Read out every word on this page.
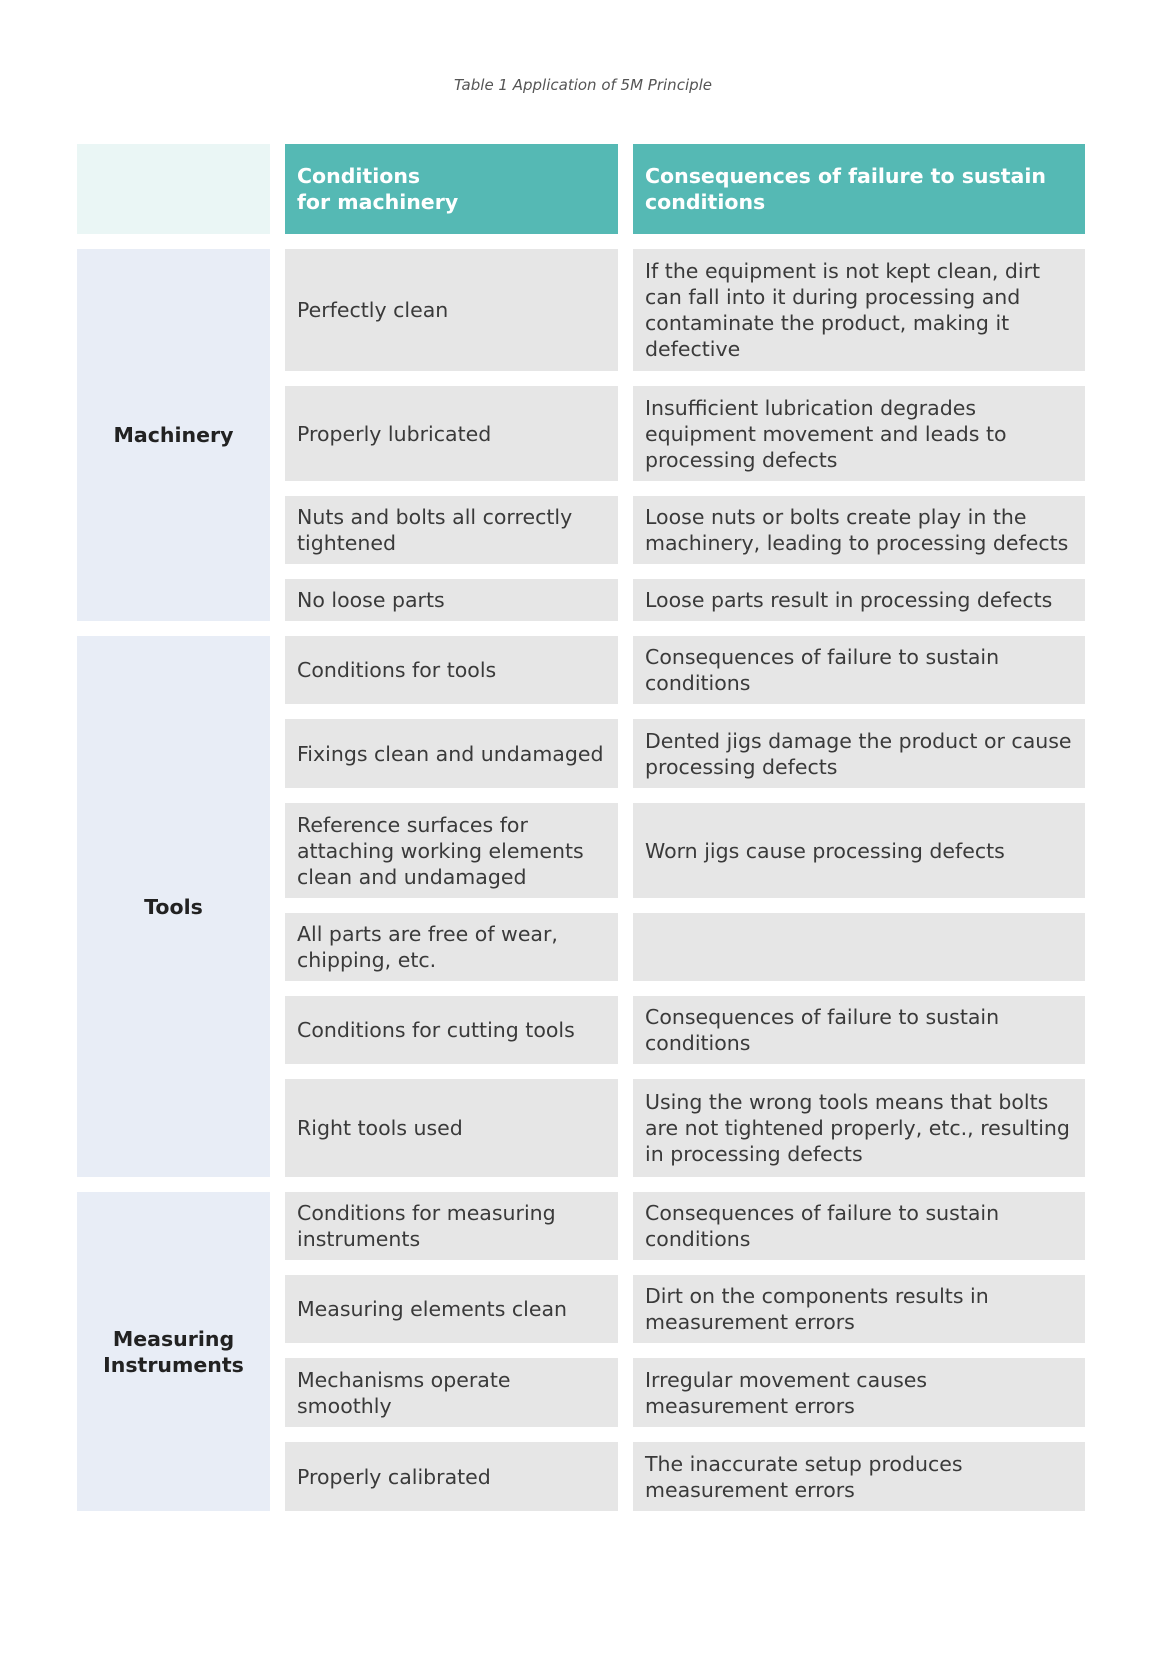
Table 1 Application of 5M Principle
Conditions
for machinery
Consequences of failure to sustain conditions
Machinery
Tools
Measuring
Instruments
Perfectly clean
If the equipment is not kept clean, dirt can fall into it during processing and contaminate the product, making it defective
Properly lubricated
Insufficient lubrication degrades equipment movement and leads to processing defects
Nuts and bolts all correctly tightened
Loose nuts or bolts create play in the machinery, leading to processing defects
No loose parts	Loose parts result in processing defects
Conditions for tools
Consequences of failure to sustain conditions
Fixings clean and undamaged
Dented jigs damage the product or cause processing defects
Reference surfaces for attaching working elements clean and undamaged
Worn jigs cause processing defects
All parts are free of wear, chipping, etc.
Conditions for cutting tools
Consequences of failure to sustain conditions
Right tools used
Using the wrong tools means that bolts are not tightened properly, etc., resulting in processing defects
Conditions for measuring instruments
Consequences of failure to sustain conditions
Measuring elements clean
Dirt on the components results in measurement errors
Mechanisms operate smoothly
Irregular movement causes measurement errors
Properly calibrated
The inaccurate setup produces measurement errors
